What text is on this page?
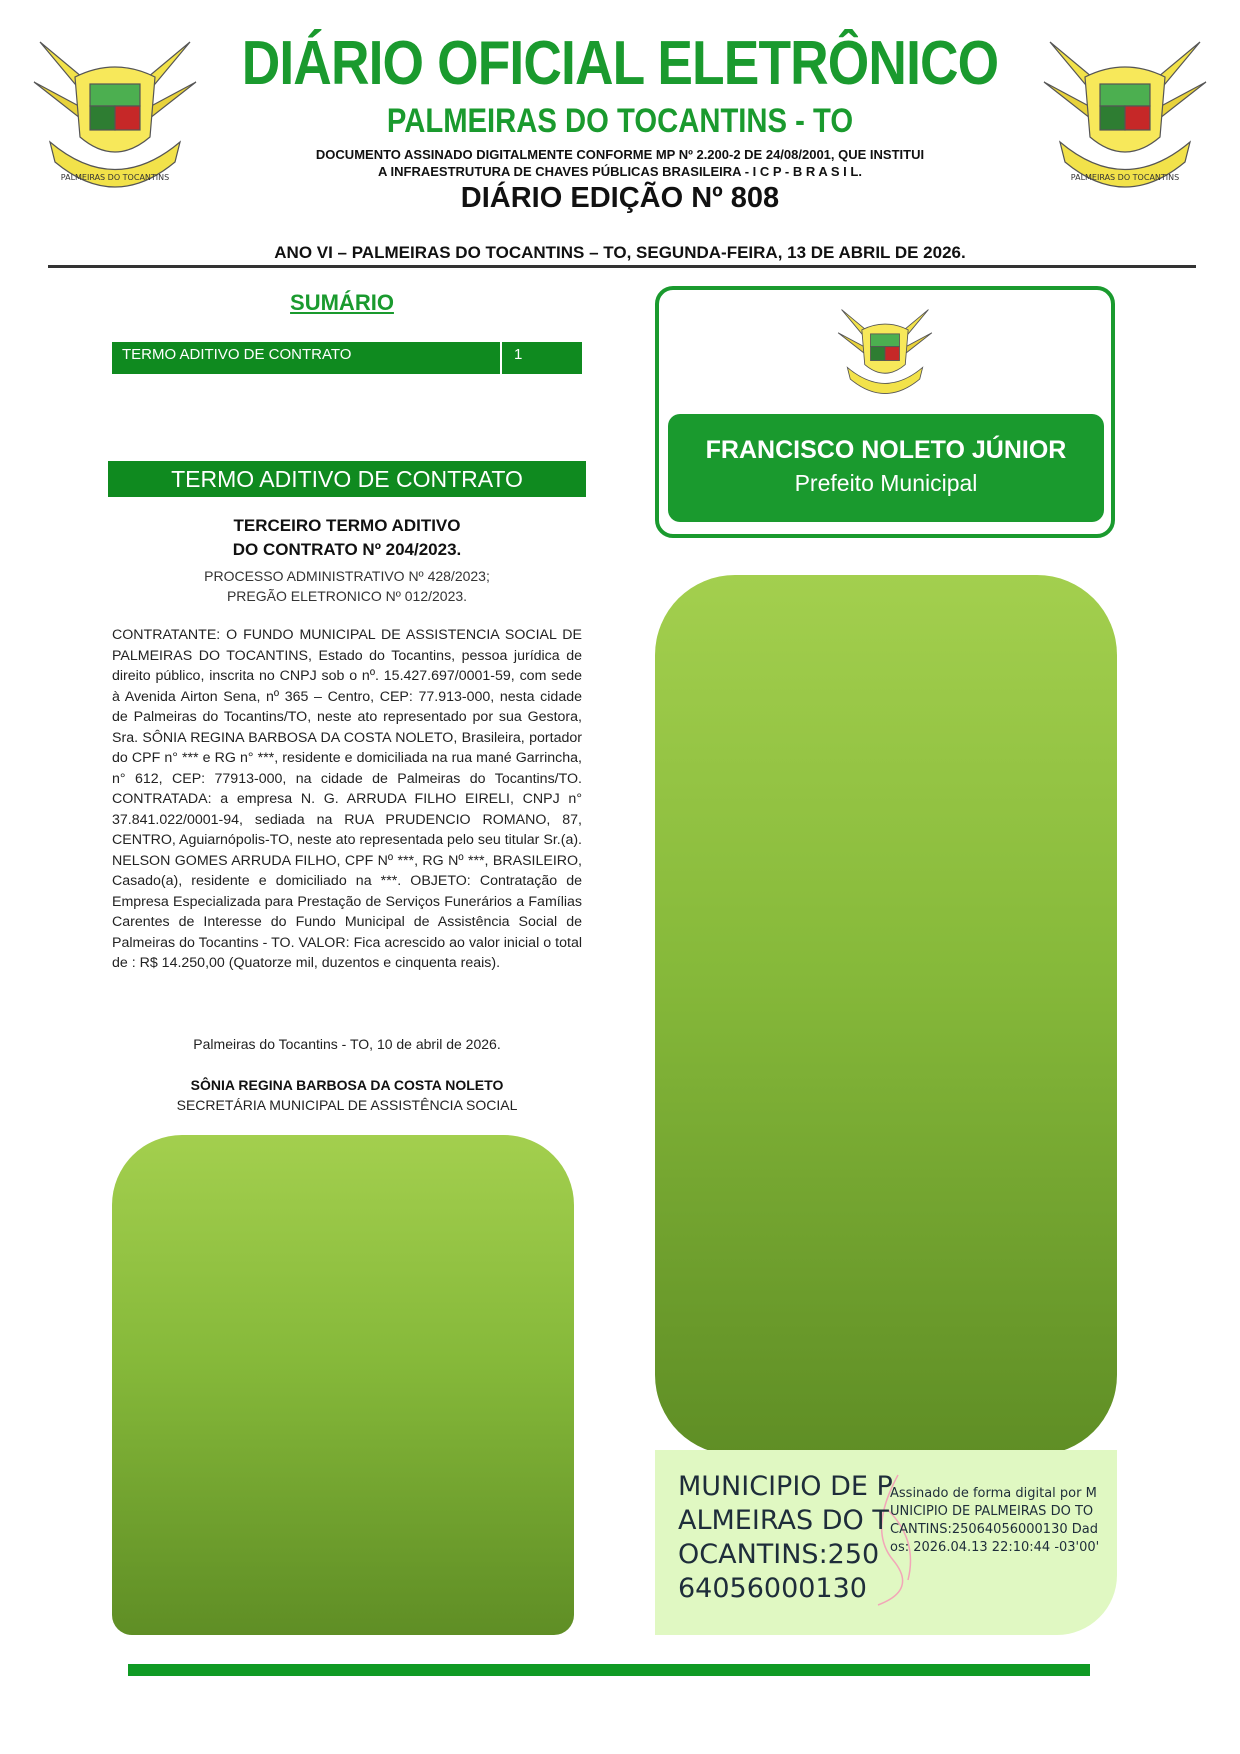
PALMEIRAS DO TOCANTINS	PALMEIRAS DO TOCANTINS
DIÁRIO OFICIAL ELETRÔNICO
PALMEIRAS DO TOCANTINS - TO
DOCUMENTO ASSINADO DIGITALMENTE CONFORME MP Nº 2.200-2 DE 24/08/2001, QUE INSTITUI
A INFRAESTRUTURA DE CHAVES PÚBLICAS BRASILEIRA - I C P - B R A S I L.
DIÁRIO EDIÇÃO Nº 808
ANO VI – PALMEIRAS DO TOCANTINS – TO, SEGUNDA-FEIRA, 13 DE ABRIL DE 2026.
SUMÁRIO
TERMO ADITIVO DE CONTRATO	1
TERMO ADITIVO DE CONTRATO
TERCEIRO TERMO ADITIVO
DO CONTRATO Nº 204/2023.
PROCESSO ADMINISTRATIVO Nº 428/2023;
PREGÃO ELETRONICO Nº 012/2023.
CONTRATANTE: O FUNDO MUNICIPAL DE ASSISTENCIA SOCIAL DE PALMEIRAS DO TOCANTINS, Estado do Tocantins, pessoa jurídica de direito público, inscrita no CNPJ sob o nº. 15.427.697/0001-59, com sede à Avenida Airton Sena, nº 365 – Centro, CEP: 77.913-000, nesta cidade de Palmeiras do Tocantins/TO, neste ato representado por sua Gestora, Sra. SÔNIA REGINA BARBOSA DA COSTA NOLETO, Brasileira, portador do CPF n° *** e RG n° ***, residente e domiciliada na rua mané Garrincha, n° 612, CEP: 77913-000, na cidade de Palmeiras do Tocantins/TO. CONTRATADA: a empresa N. G. ARRUDA FILHO EIRELI, CNPJ n° 37.841.022/0001-94, sediada na RUA PRUDENCIO ROMANO, 87, CENTRO, Aguiarnópolis-TO, neste ato representada pelo seu titular Sr.(a). NELSON GOMES ARRUDA FILHO, CPF Nº ***, RG Nº ***, BRASILEIRO, Casado(a), residente e domiciliado na ***. OBJETO: Contratação de Empresa Especializada para Prestação de Serviços Funerários a Famílias Carentes de Interesse do Fundo Municipal de Assistência Social de Palmeiras do Tocantins - TO. VALOR: Fica acrescido ao valor inicial o total de : R$ 14.250,00 (Quatorze mil, duzentos e cinquenta reais).
Palmeiras do Tocantins - TO, 10 de abril de 2026.
SÔNIA REGINA BARBOSA DA COSTA NOLETO
SECRETÁRIA MUNICIPAL DE ASSISTÊNCIA SOCIAL
FRANCISCO NOLETO JÚNIOR
Prefeito Municipal
MUNICIPIO DE PALMEIRAS DO TOCANTINS:25064056000130
Assinado de forma digital por MUNICIPIO DE PALMEIRAS DO TOCANTINS:25064056000130 Dados: 2026.04.13 22:10:44 -03'00'
